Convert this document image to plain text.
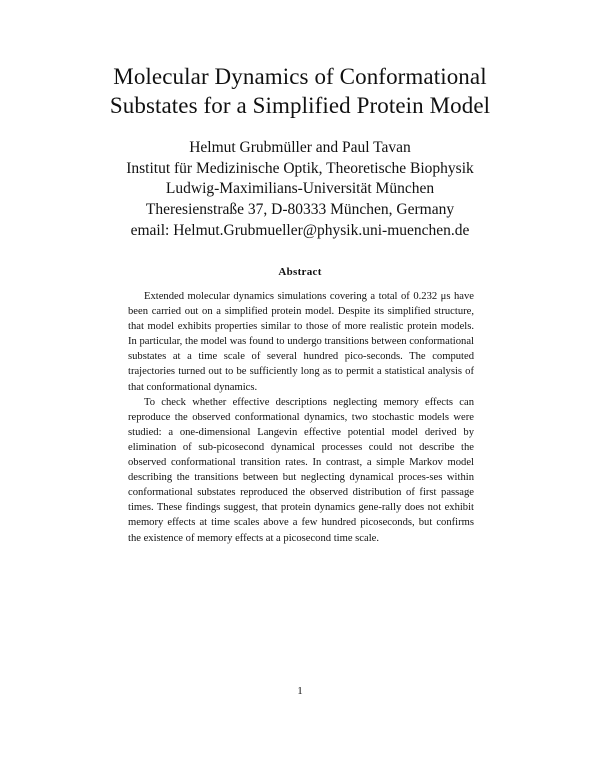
Molecular Dynamics of Conformational
Substates for a Simplified Protein Model
Helmut Grubmüller and Paul Tavan
Institut für Medizinische Optik, Theoretische Biophysik
Ludwig-Maximilians-Universität München
Theresienstraße 37, D-80333 München, Germany
email: Helmut.Grubmueller@physik.uni-muenchen.de
Abstract

Extended molecular dynamics simulations covering a total of 0.232 μs have been carried out on a simplified protein model. Despite its simplified structure, that model exhibits properties similar to those of more realistic protein models. In particular, the model was found to undergo transitions between conformational substates at a time scale of several hundred pico-seconds. The computed trajectories turned out to be sufficiently long as to permit a statistical analysis of that conformational dynamics.

To check whether effective descriptions neglecting memory effects can reproduce the observed conformational dynamics, two stochastic models were studied: a one-dimensional Langevin effective potential model derived by elimination of sub-picosecond dynamical processes could not describe the observed conformational transition rates. In contrast, a simple Markov model describing the transitions between but neglecting dynamical proces-ses within conformational substates reproduced the observed distribution of first passage times. These findings suggest, that protein dynamics gene-rally does not exhibit memory effects at time scales above a few hundred picoseconds, but confirms the existence of memory effects at a picosecond time scale.

1
